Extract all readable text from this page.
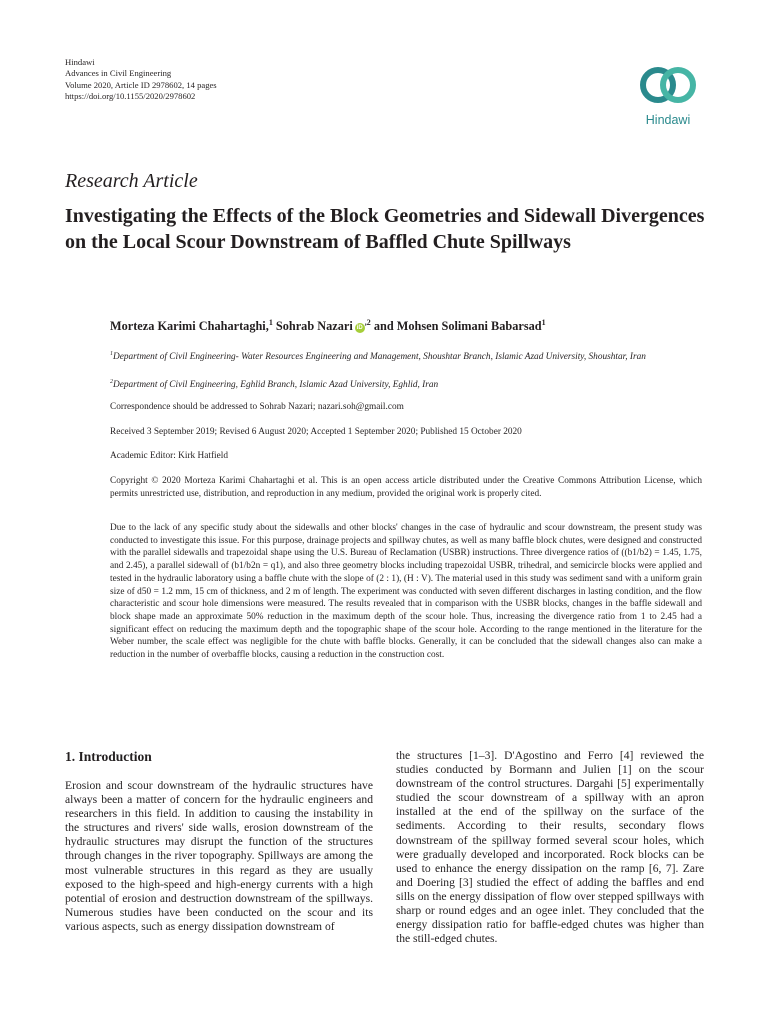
Hindawi
Advances in Civil Engineering
Volume 2020, Article ID 2978602, 14 pages
https://doi.org/10.1155/2020/2978602
Hindawi
Research Article
Investigating the Effects of the Block Geometries and Sidewall Divergences on the Local Scour Downstream of Baffled Chute Spillways
Morteza Karimi Chahartaghi,$^1$ Sohrab Nazari $iD^{,2}$ and Mohsen Solimani Babarsad$^1$
$^1$Department of Civil Engineering- Water Resources Engineering and Management, Shoushtar Branch, Islamic Azad University, Shoushtar, Iran
$^2$Department of Civil Engineering, Eghlid Branch, Islamic Azad University, Eghlid, Iran
Correspondence should be addressed to Sohrab Nazari; nazari.soh@gmail.com
Received 3 September 2019; Revised 6 August 2020; Accepted 1 September 2020; Published 15 October 2020
Academic Editor: Kirk Hatfield
Copyright © 2020 Morteza Karimi Chahartaghi et al. This is an open access article distributed under the Creative Commons Attribution License, which permits unrestricted use, distribution, and reproduction in any medium, provided the original work is properly cited.
Due to the lack of any specific study about the sidewalls and other blocks' changes in the case of hydraulic and scour downstream, the present study was conducted to investigate this issue. For this purpose, drainage projects and spillway chutes, as well as many baffle block chutes, were designed and constructed with the parallel sidewalls and trapezoidal shape using the U.S. Bureau of Reclamation (USBR) instructions. Three divergence ratios of ((b1/b2) = 1.45, 1.75, and 2.45), a parallel sidewall of (b1/b2n = q1), and also three geometry blocks including trapezoidal USBR, trihedral, and semicircle blocks were applied and tested in the hydraulic laboratory using a baffle chute with the slope of (2 : 1), (H : V). The material used in this study was sediment sand with a uniform grain size of d50 = 1.2 mm, 15 cm of thickness, and 2 m of length. The experiment was conducted with seven different discharges in lasting condition, and the flow characteristic and scour hole dimensions were measured. The results revealed that in comparison with the USBR blocks, changes in the baffle sidewall and block shape made an approximate 50% reduction in the maximum depth of the scour hole. Thus, increasing the divergence ratio from 1 to 2.45 had a significant effect on reducing the maximum depth and the topographic shape of the scour hole. According to the range mentioned in the literature for the Weber number, the scale effect was negligible for the chute with baffle blocks. Generally, it can be concluded that the sidewall changes also can make a reduction in the number of overbaffle blocks, causing a reduction in the construction cost.
1. Introduction
Erosion and scour downstream of the hydraulic structures have always been a matter of concern for the hydraulic engineers and researchers in this field. In addition to causing the instability in the structures and rivers' side walls, erosion downstream of the hydraulic structures may disrupt the function of the structures through changes in the river topography. Spillways are among the most vulnerable structures in this regard as they are usually exposed to the high-speed and high-energy currents with a high potential of erosion and destruction downstream of the spillways. Numerous studies have been conducted on the scour and its various aspects, such as energy dissipation downstream of
the structures [1–3]. D'Agostino and Ferro [4] reviewed the studies conducted by Bormann and Julien [1] on the scour downstream of the control structures. Dargahi [5] experimentally studied the scour downstream of a spillway with an apron installed at the end of the spillway on the surface of the sediments. According to their results, secondary flows downstream of the spillway formed several scour holes, which were gradually developed and incorporated. Rock blocks can be used to enhance the energy dissipation on the ramp [6, 7]. Zare and Doering [3] studied the effect of adding the baffles and end sills on the energy dissipation of flow over stepped spillways with sharp or round edges and an ogee inlet. They concluded that the energy dissipation ratio for baffle-edged chutes was higher than the still-edged chutes.
